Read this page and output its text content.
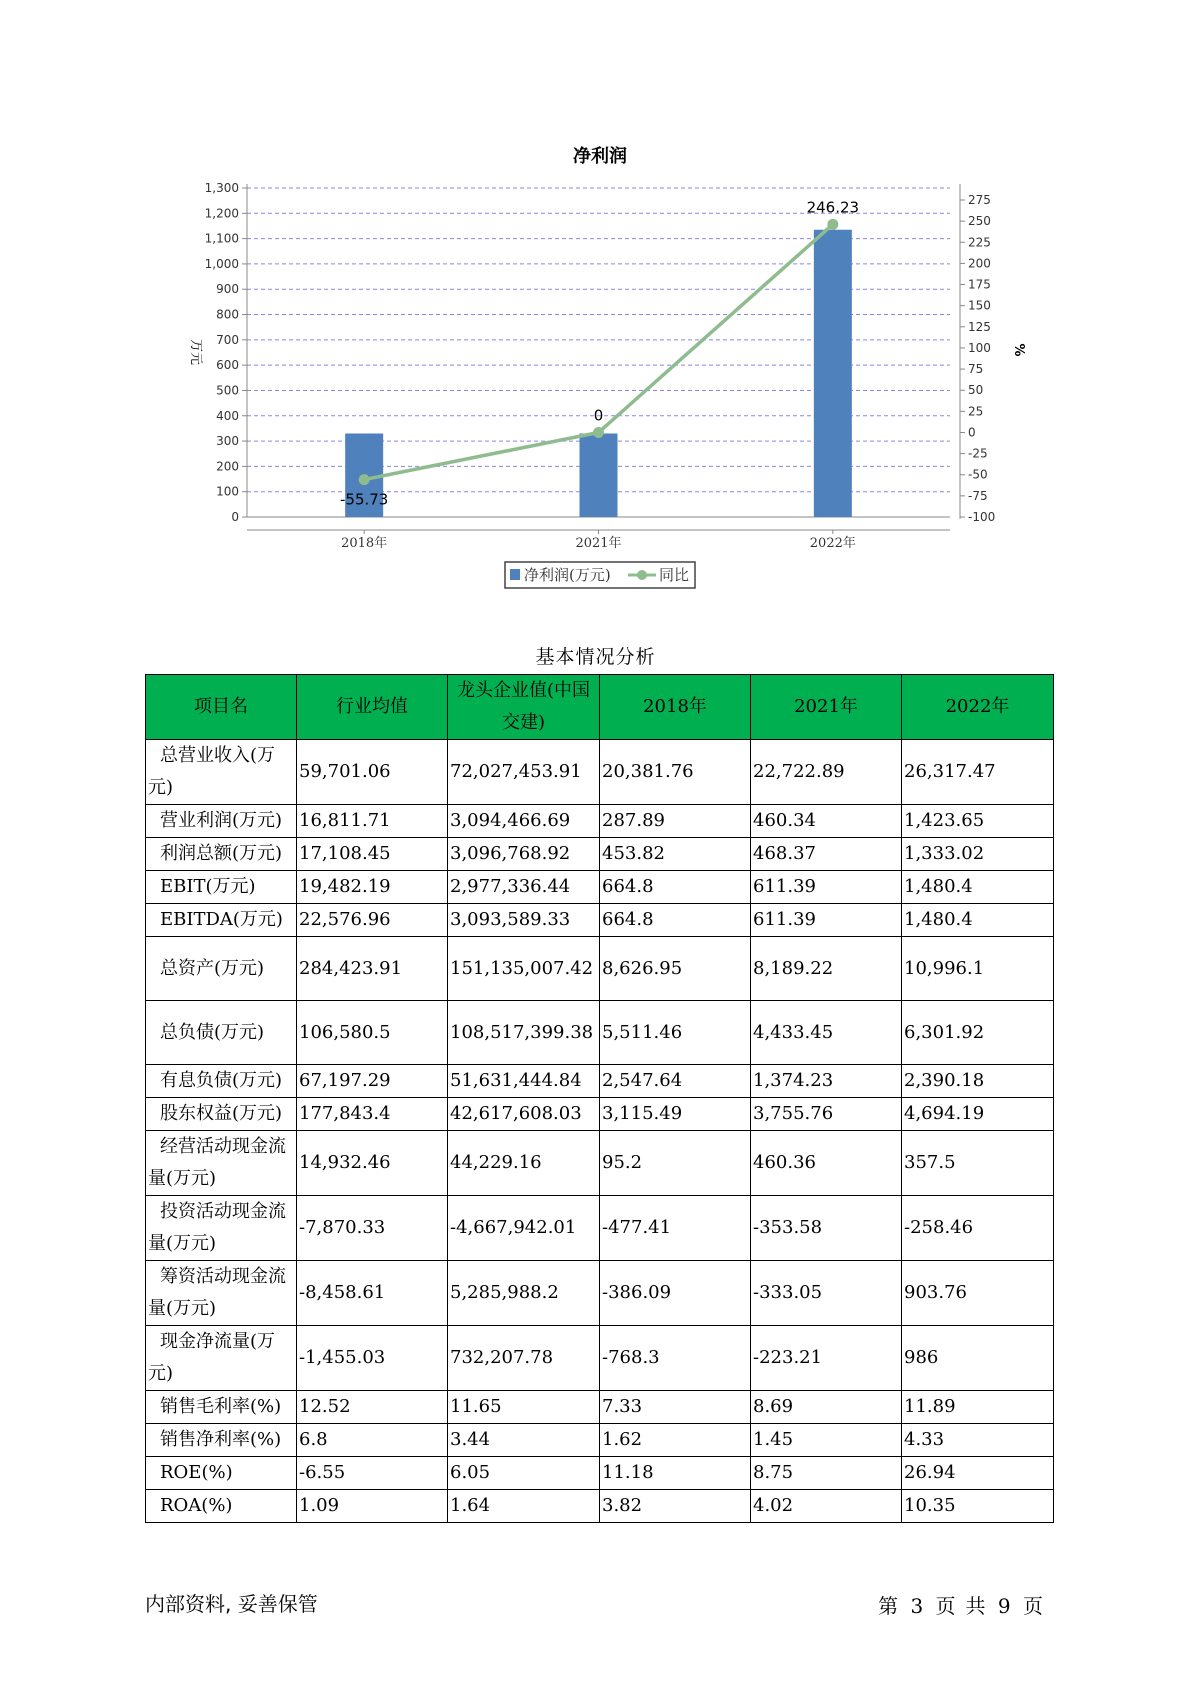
净利润
0
100
200
300
400
500
600
700
800
900
1,000
1,100
1,200
1,300
-100
-75
-50
-25
0
25
50
75
100
125
150
175
200
225
250
275
万元	%
2018年	2021年	2022年
-55.73
0
246.23
净利润(万元)	同比
基本情况分析
项目名	行业均值	龙头企业值(中国交建)	2018年	2021年	2022年
总营业收入(万元)	59,701.06	72,027,453.91	20,381.76	22,722.89	26,317.47
营业利润(万元)	16,811.71	3,094,466.69	287.89	460.34	1,423.65
利润总额(万元)	17,108.45	3,096,768.92	453.82	468.37	1,333.02
EBIT(万元)	19,482.19	2,977,336.44	664.8	611.39	1,480.4
EBITDA(万元)	22,576.96	3,093,589.33	664.8	611.39	1,480.4
总资产(万元)	284,423.91	151,135,007.42	8,626.95	8,189.22	10,996.1
总负债(万元)	106,580.5	108,517,399.38	5,511.46	4,433.45	6,301.92
有息负债(万元)	67,197.29	51,631,444.84	2,547.64	1,374.23	2,390.18
股东权益(万元)	177,843.4	42,617,608.03	3,115.49	3,755.76	4,694.19
经营活动现金流量(万元)	14,932.46	44,229.16	95.2	460.36	357.5
投资活动现金流量(万元)	-7,870.33	-4,667,942.01	-477.41	-353.58	-258.46
筹资活动现金流量(万元)	-8,458.61	5,285,988.2	-386.09	-333.05	903.76
现金净流量(万元)	-1,455.03	732,207.78	-768.3	-223.21	986
销售毛利率(%)	12.52	11.65	7.33	8.69	11.89
销售净利率(%)	6.8	3.44	1.62	1.45	4.33
ROE(%)	-6.55	6.05	11.18	8.75	26.94
ROA(%)	1.09	1.64	3.82	4.02	10.35
内部资料, 妥善保管	第 3 页 共 9 页
